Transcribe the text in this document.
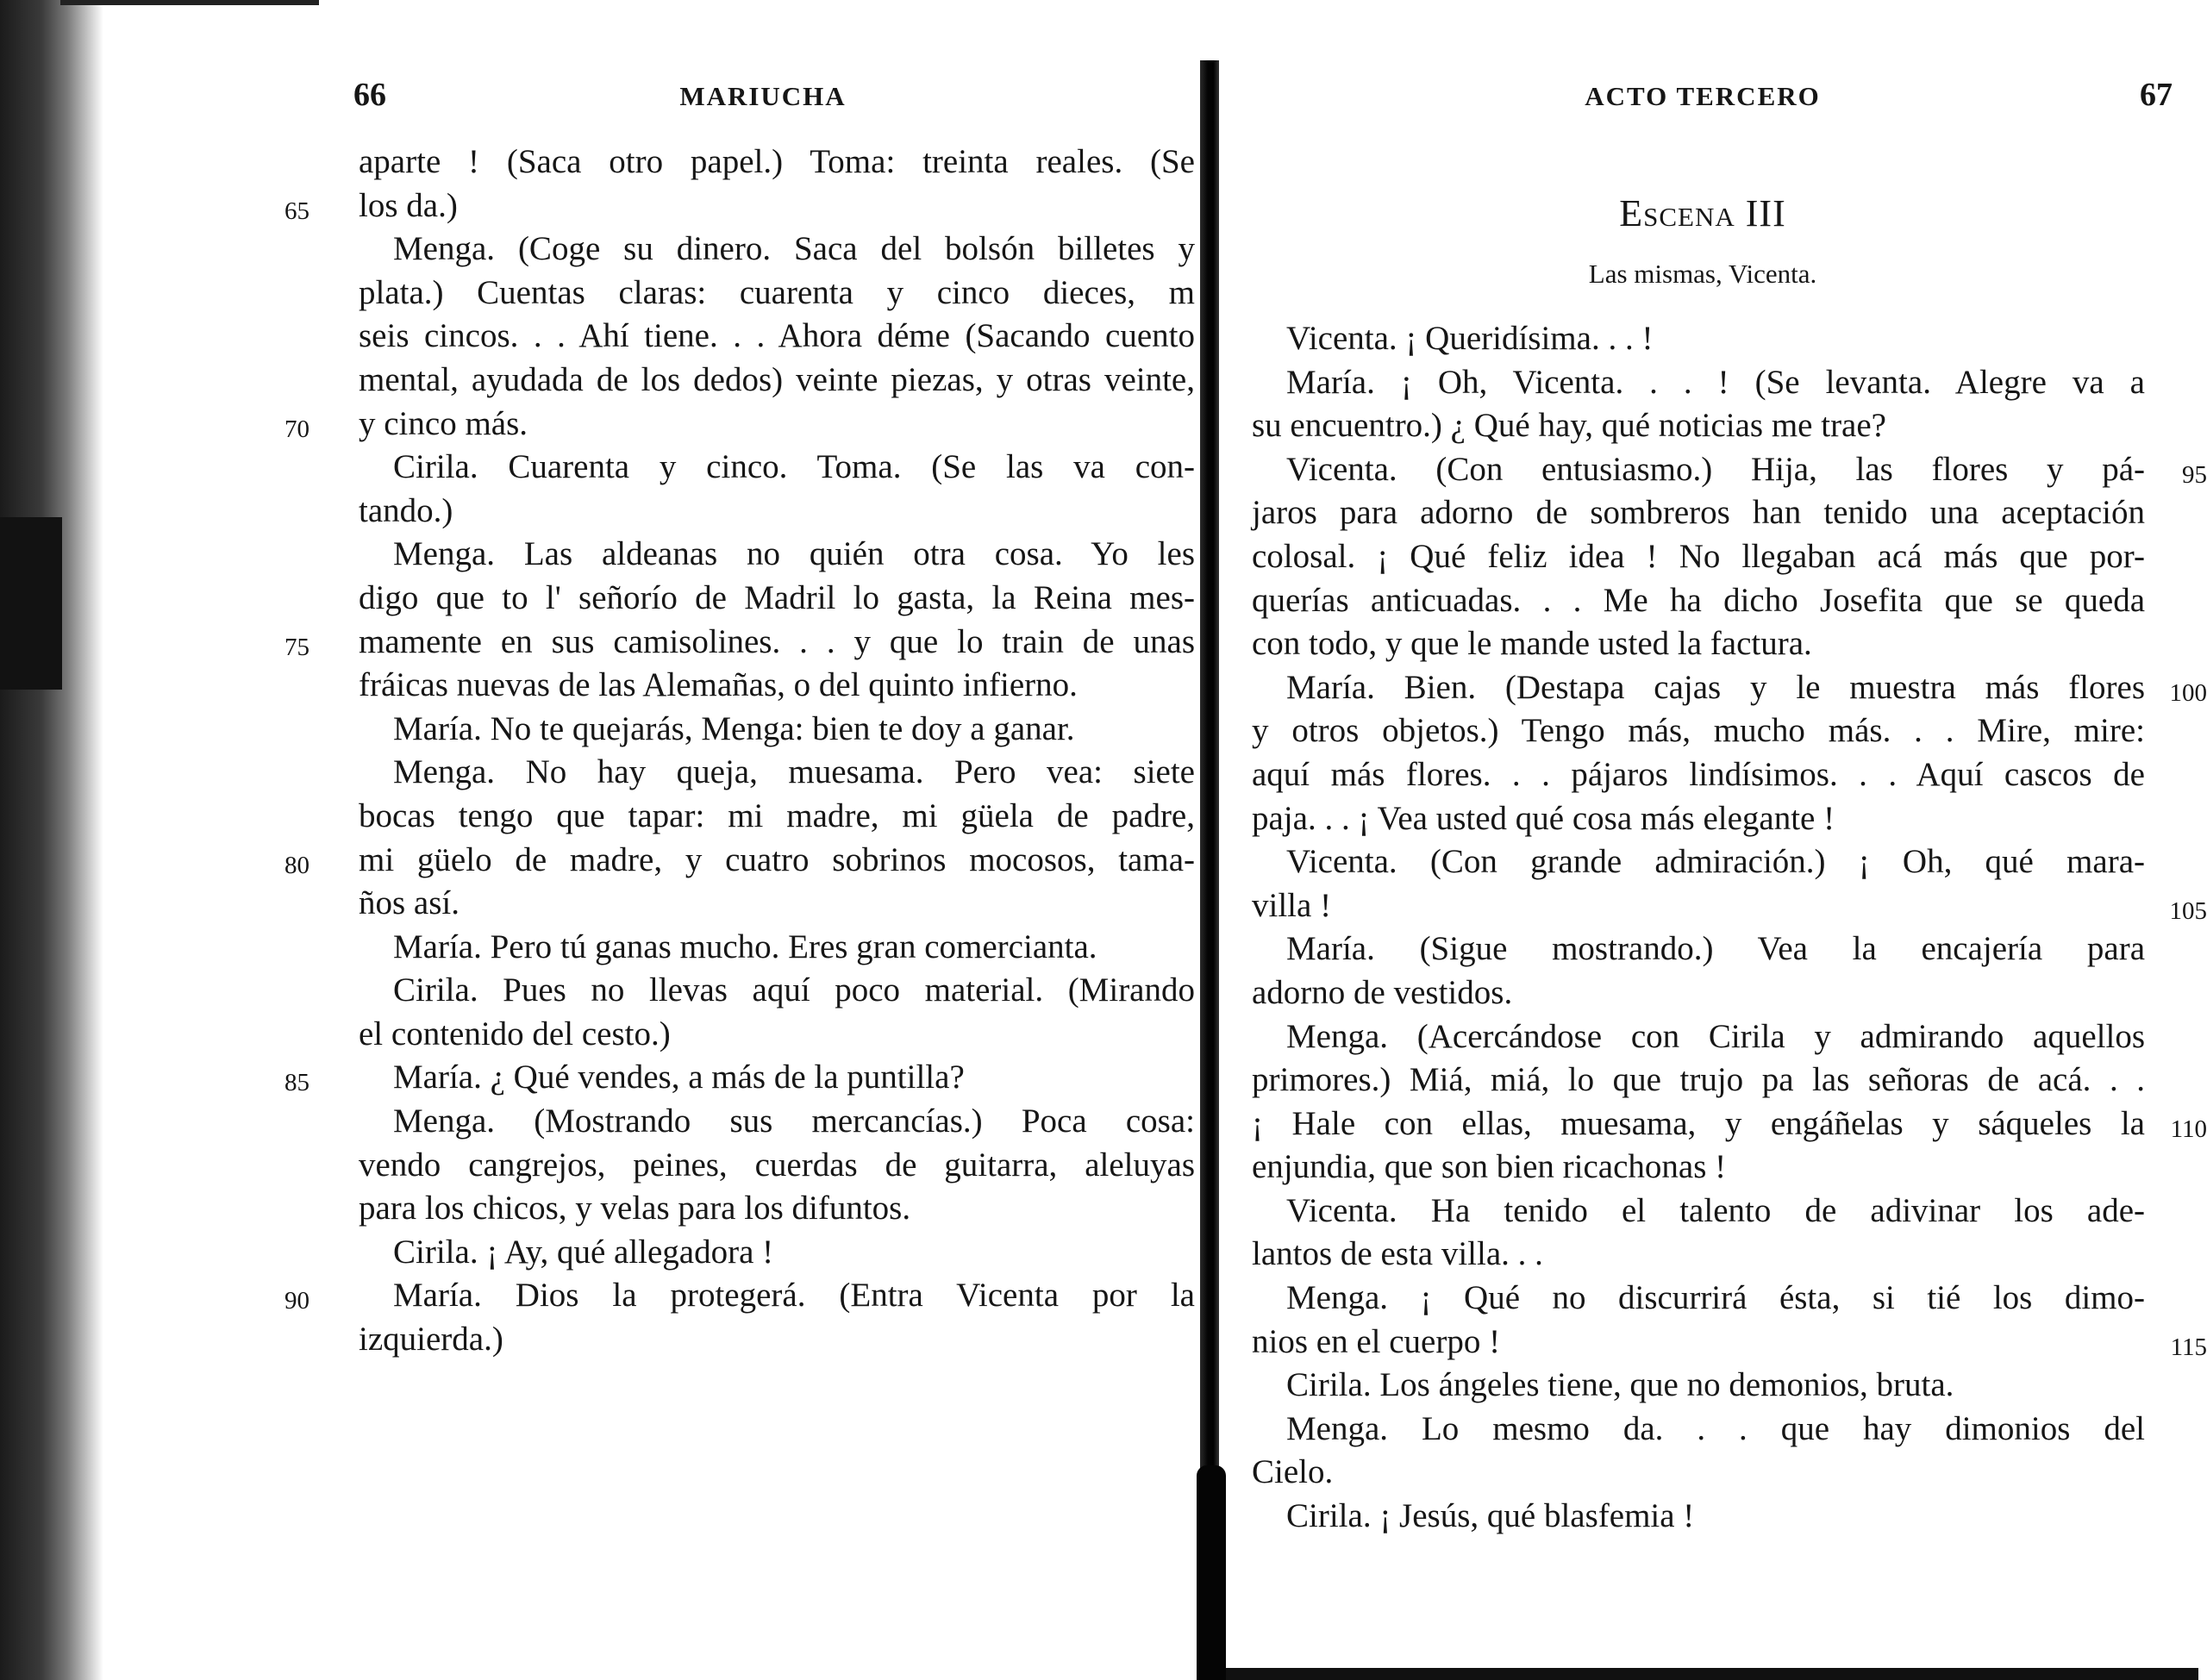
66	MARIUCHA
aparte ! (Saca otro papel.) Toma: treinta reales. (Se
los da.)
65
Menga. (Coge su dinero. Saca del bolsón billetes y
plata.) Cuentas claras: cuarenta y cinco dieces, m
seis cincos. . . Ahí tiene. . . Ahora déme (Sacando cuento
mental, ayudada de los dedos) veinte piezas, y otras veinte,
y cinco más.
70
Cirila. Cuarenta y cinco. Toma. (Se las va con-
tando.)
Menga. Las aldeanas no quién otra cosa. Yo les
digo que to l' señorío de Madril lo gasta, la Reina mes-
mamente en sus camisolines. . . y que lo train de unas
75
fráicas nuevas de las Alemañas, o del quinto infierno.
María. No te quejarás, Menga: bien te doy a ganar.
Menga. No hay queja, muesama. Pero vea: siete
bocas tengo que tapar: mi madre, mi güela de padre,
mi güelo de madre, y cuatro sobrinos mocosos, tama-
80
ños así.
María. Pero tú ganas mucho. Eres gran comercianta.
Cirila. Pues no llevas aquí poco material. (Mirando
el contenido del cesto.)
María. ¿ Qué vendes, a más de la puntilla?
85
Menga. (Mostrando sus mercancías.) Poca cosa:
vendo cangrejos, peines, cuerdas de guitarra, aleluyas
para los chicos, y velas para los difuntos.
Cirila. ¡ Ay, qué allegadora !
María. Dios la protegerá. (Entra Vicenta por la
90
izquierda.)
ACTO TERCERO	67
Escena III
Las mismas, Vicenta.
Vicenta. ¡ Queridísima. . . !
María. ¡ Oh, Vicenta. . . ! (Se levanta. Alegre va a
su encuentro.) ¿ Qué hay, qué noticias me trae?
Vicenta. (Con entusiasmo.) Hija, las flores y pá- 95
jaros para adorno de sombreros han tenido una aceptación
colosal. ¡ Qué feliz idea ! No llegaban acá más que por-
querías anticuadas. . . Me ha dicho Josefita que se queda
con todo, y que le mande usted la factura.
María. Bien. (Destapa cajas y le muestra más flores 100
y otros objetos.) Tengo más, mucho más. . . Mire, mire:
aquí más flores. . . pájaros lindísimos. . . Aquí cascos de
paja. . . ¡ Vea usted qué cosa más elegante !
Vicenta. (Con grande admiración.) ¡ Oh, qué mara-
villa !	105
María. (Sigue mostrando.) Vea la encajería para
adorno de vestidos.
Menga. (Acercándose con Cirila y admirando aquellos
primores.) Miá, miá, lo que trujo pa las señoras de acá. . .
¡ Hale con ellas, muesama, y engáñelas y sáqueles la 110
enjundia, que son bien ricachonas !
Vicenta. Ha tenido el talento de adivinar los ade-
lantos de esta villa. . .
Menga. ¡ Qué no discurrirá ésta, si tié los dimo-
nios en el cuerpo !	115
Cirila. Los ángeles tiene, que no demonios, bruta.
Menga. Lo mesmo da. . . que hay dimonios del
Cielo.
Cirila. ¡ Jesús, qué blasfemia !
